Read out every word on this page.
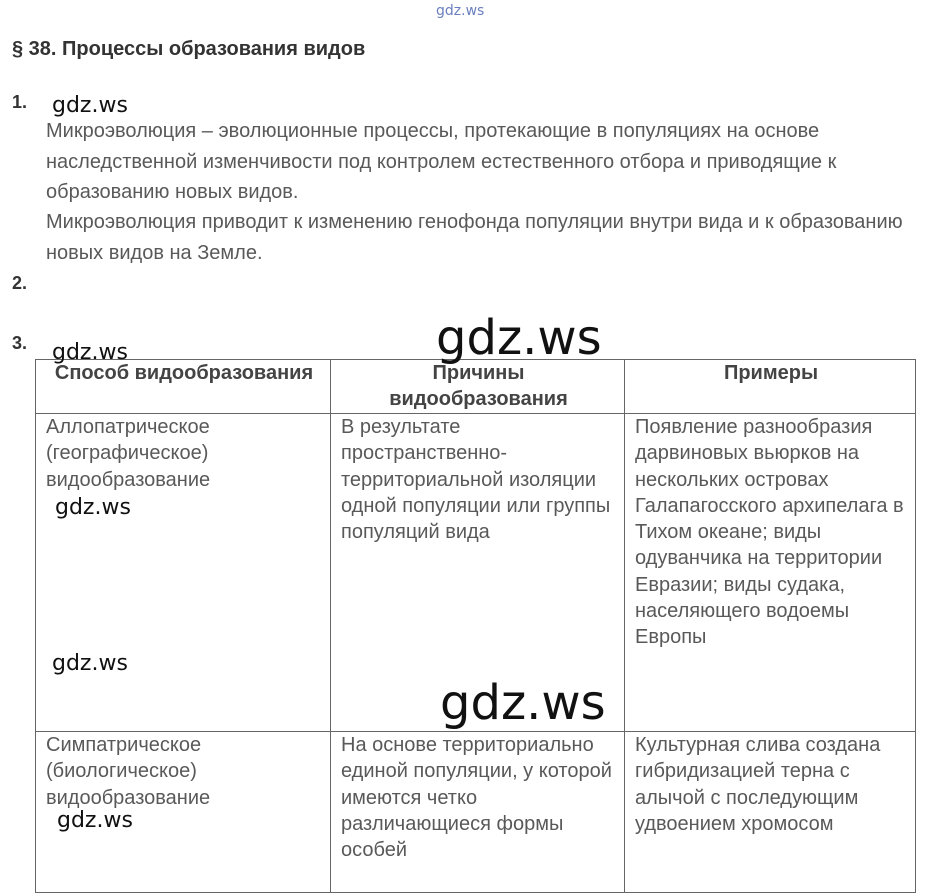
gdz.ws
§ 38. Процессы образования видов
1. gdz.ws

Микроэволюция – эволюционные процессы, протекающие в популяциях на основе наследственной изменчивости под контролем естественного отбора и приводящие к образованию новых видов.

Микроэволюция приводит к изменению генофонда популяции внутри вида и к образованию новых видов на Земле.

2.
3.
Способ видообразования	Причины видообразования	Примеры
Аллопатрическое (географическое) видообразование	В результате пространственно-территориальной изоляции одной популяции или группы популяций вида	Появление разнообразия дарвиновых вьюрков на нескольких островах Галапагосского архипелага в Тихом океане; виды одуванчика на территории Евразии; виды судака, населяющего водоемы Европы
Симпатрическое (биологическое) видообразование	На основе территориально единой популяции, у которой имеются четко различающиеся формы особей	Культурная слива создана гибридизацией терна с алычой с последующим удвоением хромосом
gdz.ws	gdz.ws
gdz.ws
gdz.ws
gdz.ws
gdz.ws
